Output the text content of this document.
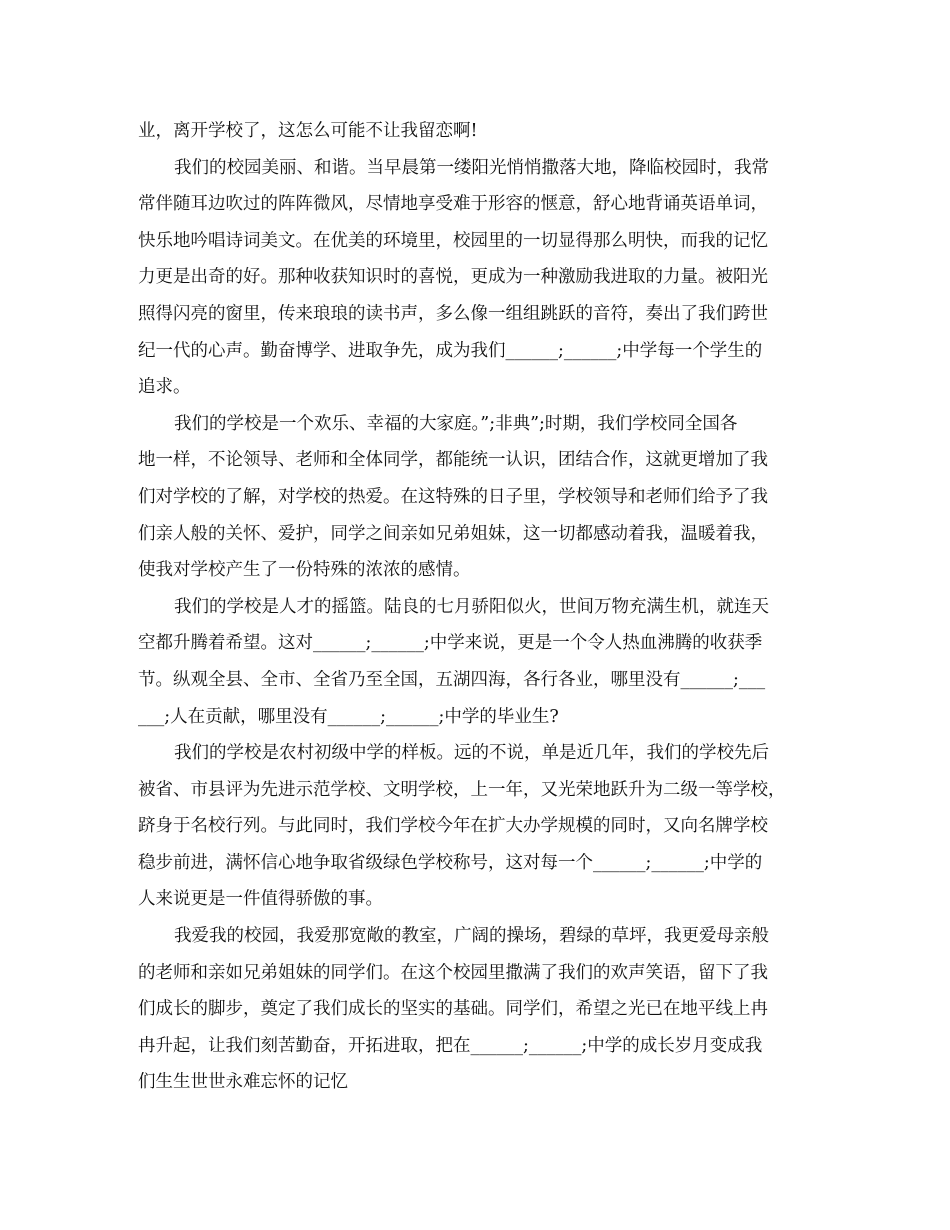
业，离开学校了，这怎么可能不让我留恋啊!
我们的校园美丽、和谐。当早晨第一缕阳光悄悄撒落大地，降临校园时，我常
常伴随耳边吹过的阵阵微风，尽情地享受难于形容的惬意，舒心地背诵英语单词，
快乐地吟唱诗词美文。在优美的环境里，校园里的一切显得那么明快，而我的记忆
力更是出奇的好。那种收获知识时的喜悦，更成为一种激励我进取的力量。被阳光
照得闪亮的窗里，传来琅琅的读书声，多么像一组组跳跃的音符，奏出了我们跨世
纪一代的心声。勤奋博学、进取争先，成为我们______;______;中学每一个学生的
追求。
我们的学校是一个欢乐、幸福的大家庭。”;非典”;时期，我们学校同全国各
地一样，不论领导、老师和全体同学，都能统一认识，团结合作，这就更增加了我
们对学校的了解，对学校的热爱。在这特殊的日子里，学校领导和老师们给予了我
们亲人般的关怀、爱护，同学之间亲如兄弟姐妹，这一切都感动着我，温暖着我，
使我对学校产生了一份特殊的浓浓的感情。
我们的学校是人才的摇篮。陆良的七月骄阳似火，世间万物充满生机，就连天
空都升腾着希望。这对______;______;中学来说，更是一个令人热血沸腾的收获季
节。纵观全县、全市、全省乃至全国，五湖四海，各行各业，哪里没有______;___
___;人在贡献，哪里没有______;______;中学的毕业生?
我们的学校是农村初级中学的样板。远的不说，单是近几年，我们的学校先后
被省、市县评为先进示范学校、文明学校，上一年，又光荣地跃升为二级一等学校，
跻身于名校行列。与此同时，我们学校今年在扩大办学规模的同时，又向名牌学校
稳步前进，满怀信心地争取省级绿色学校称号，这对每一个______;______;中学的
人来说更是一件值得骄傲的事。
我爱我的校园，我爱那宽敞的教室，广阔的操场，碧绿的草坪，我更爱母亲般
的老师和亲如兄弟姐妹的同学们。在这个校园里撒满了我们的欢声笑语，留下了我
们成长的脚步，奠定了我们成长的坚实的基础。同学们，希望之光已在地平线上冉
冉升起，让我们刻苦勤奋，开拓进取，把在______;______;中学的成长岁月变成我
们生生世世永难忘怀的记忆
